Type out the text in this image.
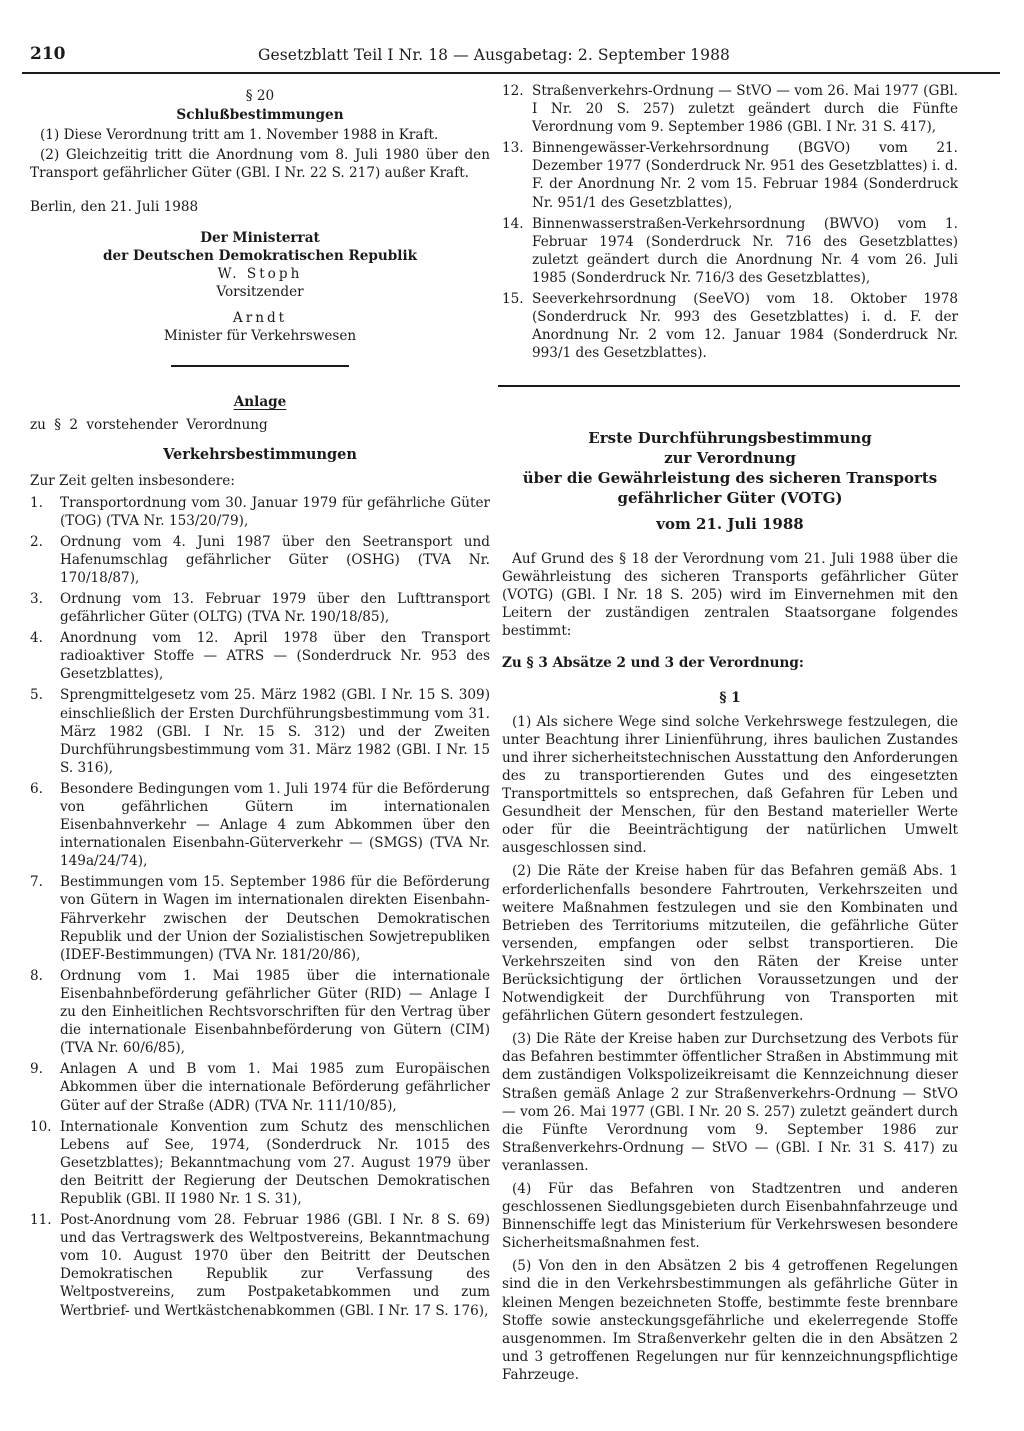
210	Gesetzblatt Teil I Nr. 18 — Ausgabetag: 2. September 1988

§ 20

Schlußbestimmungen

(1) Diese Verordnung tritt am 1. November 1988 in Kraft.

(2) Gleichzeitig tritt die Anordnung vom 8. Juli 1980 über den Transport gefährlicher Güter (GBl. I Nr. 22 S. 217) außer Kraft.

Berlin, den 21. Juli 1988

Der Ministerrat

der Deutschen Demokratischen Republik

W. Stoph

Vorsitzender

Arndt

Minister für Verkehrswesen

Anlage

zu § 2 vorstehender Verordnung

Verkehrsbestimmungen

Zur Zeit gelten insbesondere:

1.	Transportordnung vom 30. Januar 1979 für gefährliche Güter (TOG) (TVA Nr. 153/20/79),
2.	Ordnung vom 4. Juni 1987 über den Seetransport und Hafenumschlag gefährlicher Güter (OSHG) (TVA Nr. 170/18/87),
3.	Ordnung vom 13. Februar 1979 über den Lufttransport gefährlicher Güter (OLTG) (TVA Nr. 190/18/85),
4.	Anordnung vom 12. April 1978 über den Transport radioaktiver Stoffe — ATRS — (Sonderdruck Nr. 953 des Gesetzblattes),
5.	Sprengmittelgesetz vom 25. März 1982 (GBl. I Nr. 15 S. 309) einschließlich der Ersten Durchführungsbestimmung vom 31. März 1982 (GBl. I Nr. 15 S. 312) und der Zweiten Durchführungsbestimmung vom 31. März 1982 (GBl. I Nr. 15 S. 316),
6.	Besondere Bedingungen vom 1. Juli 1974 für die Beförderung von gefährlichen Gütern im internationalen Eisenbahnverkehr — Anlage 4 zum Abkommen über den internationalen Eisenbahn-Güterverkehr — (SMGS) (TVA Nr. 149a/24/74),
7.	Bestimmungen vom 15. September 1986 für die Beförderung von Gütern in Wagen im internationalen direkten Eisenbahn-Fährverkehr zwischen der Deutschen Demokratischen Republik und der Union der Sozialistischen Sowjetrepubliken (IDEF-Bestimmungen) (TVA Nr. 181/20/86),
8.	Ordnung vom 1. Mai 1985 über die internationale Eisenbahnbeförderung gefährlicher Güter (RID) — Anlage I zu den Einheitlichen Rechtsvorschriften für den Vertrag über die internationale Eisenbahnbeförderung von Gütern (CIM) (TVA Nr. 60/6/85),
9.	Anlagen A und B vom 1. Mai 1985 zum Europäischen Abkommen über die internationale Beförderung gefährlicher Güter auf der Straße (ADR) (TVA Nr. 111/10/85),
10. Internationale Konvention zum Schutz des menschlichen Lebens auf See, 1974, (Sonderdruck Nr. 1015 des Gesetzblattes); Bekanntmachung vom 27. August 1979 über den Beitritt der Regierung der Deutschen Demokratischen Republik (GBl. II 1980 Nr. 1 S. 31),
11. Post-Anordnung vom 28. Februar 1986 (GBl. I Nr. 8 S. 69) und das Vertragswerk des Weltpostvereins, Bekanntmachung vom 10. August 1970 über den Beitritt der Deutschen Demokratischen Republik zur Verfassung des Weltpostvereins, zum Postpaketabkommen und zum Wertbrief- und Wertkästchenabkommen (GBl. I Nr. 17 S. 176),
12. Straßenverkehrs-Ordnung — StVO — vom 26. Mai 1977 (GBl. I Nr. 20 S. 257) zuletzt geändert durch die Fünfte Verordnung vom 9. September 1986 (GBl. I Nr. 31 S. 417),
13. Binnengewässer-Verkehrsordnung (BGVO) vom 21. Dezember 1977 (Sonderdruck Nr. 951 des Gesetzblattes) i. d. F. der Anordnung Nr. 2 vom 15. Februar 1984 (Sonderdruck Nr. 951/1 des Gesetzblattes),
14. Binnenwasserstraßen-Verkehrsordnung (BWVO) vom 1. Februar 1974 (Sonderdruck Nr. 716 des Gesetzblattes) zuletzt geändert durch die Anordnung Nr. 4 vom 26. Juli 1985 (Sonderdruck Nr. 716/3 des Gesetzblattes),
15. Seeverkehrsordnung (SeeVO) vom 18. Oktober 1978 (Sonderdruck Nr. 993 des Gesetzblattes) i. d. F. der Anordnung Nr. 2 vom 12. Januar 1984 (Sonderdruck Nr. 993/1 des Gesetzblattes).

Erste Durchführungsbestimmung

zur Verordnung

über die Gewährleistung des sicheren Transports

gefährlicher Güter (VOTG)

vom 21. Juli 1988

Auf Grund des § 18 der Verordnung vom 21. Juli 1988 über die Gewährleistung des sicheren Transports gefährlicher Güter (VOTG) (GBl. I Nr. 18 S. 205) wird im Einvernehmen mit den Leitern der zuständigen zentralen Staatsorgane folgendes bestimmt:

Zu § 3 Absätze 2 und 3 der Verordnung:

§ 1

(1) Als sichere Wege sind solche Verkehrswege festzulegen, die unter Beachtung ihrer Linienführung, ihres baulichen Zustandes und ihrer sicherheitstechnischen Ausstattung den Anforderungen des zu transportierenden Gutes und des eingesetzten Transportmittels so entsprechen, daß Gefahren für Leben und Gesundheit der Menschen, für den Bestand materieller Werte oder für die Beeinträchtigung der natürlichen Umwelt ausgeschlossen sind.

(2) Die Räte der Kreise haben für das Befahren gemäß Abs. 1 erforderlichenfalls besondere Fahrtrouten, Verkehrszeiten und weitere Maßnahmen festzulegen und sie den Kombinaten und Betrieben des Territoriums mitzuteilen, die gefährliche Güter versenden, empfangen oder selbst transportieren. Die Verkehrszeiten sind von den Räten der Kreise unter Berücksichtigung der örtlichen Voraussetzungen und der Notwendigkeit der Durchführung von Transporten mit gefährlichen Gütern gesondert festzulegen.

(3) Die Räte der Kreise haben zur Durchsetzung des Verbots für das Befahren bestimmter öffentlicher Straßen in Abstimmung mit dem zuständigen Volkspolizeikreisamt die Kennzeichnung dieser Straßen gemäß Anlage 2 zur Straßenverkehrs-Ordnung — StVO — vom 26. Mai 1977 (GBl. I Nr. 20 S. 257) zuletzt geändert durch die Fünfte Verordnung vom 9. September 1986 zur Straßenverkehrs-Ordnung — StVO — (GBl. I Nr. 31 S. 417) zu veranlassen.

(4) Für das Befahren von Stadtzentren und anderen geschlossenen Siedlungsgebieten durch Eisenbahnfahrzeuge und Binnenschiffe legt das Ministerium für Verkehrswesen besondere Sicherheitsmaßnahmen fest.

(5) Von den in den Absätzen 2 bis 4 getroffenen Regelungen sind die in den Verkehrsbestimmungen als gefährliche Güter in kleinen Mengen bezeichneten Stoffe, bestimmte feste brennbare Stoffe sowie ansteckungsgefährliche und ekelerregende Stoffe ausgenommen. Im Straßenverkehr gelten die in den Absätzen 2 und 3 getroffenen Regelungen nur für kennzeichnungspflichtige Fahrzeuge.
